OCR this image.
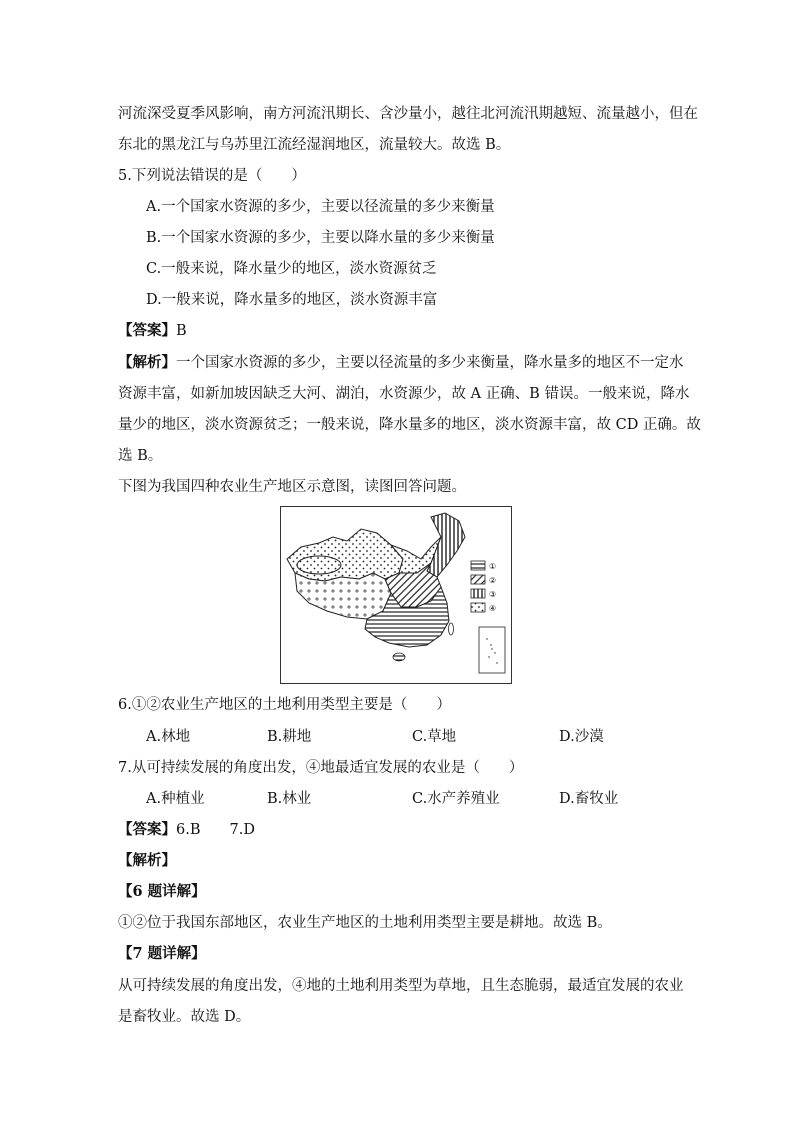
河流深受夏季风影响，南方河流汛期长、含沙量小，越往北河流汛期越短、流量越小，但在
东北的黑龙江与乌苏里江流经湿润地区，流量较大。故选 B。
5.下列说法错误的是（　　）
A.一个国家水资源的多少，主要以径流量的多少来衡量
B.一个国家水资源的多少，主要以降水量的多少来衡量
C.一般来说，降水量少的地区，淡水资源贫乏
D.一般来说，降水量多的地区，淡水资源丰富
【答案】B
【解析】一个国家水资源的多少，主要以径流量的多少来衡量，降水量多的地区不一定水
资源丰富，如新加坡因缺乏大河、湖泊，水资源少，故 A 正确、B 错误。一般来说，降水
量少的地区，淡水资源贫乏；一般来说，降水量多的地区，淡水资源丰富，故 CD 正确。故
选 B。
下图为我国四种农业生产地区示意图，读图回答问题。
①
②
③
④
6.①②农业生产地区的土地利用类型主要是（　　）
A.林地	B.耕地	C.草地	D.沙漠
7.从可持续发展的角度出发，④地最适宜发展的农业是（　　）
A.种植业	B.林业	C.水产养殖业	D.畜牧业
【答案】6.B　　7.D
【解析】
【6 题详解】
①②位于我国东部地区，农业生产地区的土地利用类型主要是耕地。故选 B。
【7 题详解】
从可持续发展的角度出发，④地的土地利用类型为草地，且生态脆弱，最适宜发展的农业
是畜牧业。故选 D。
